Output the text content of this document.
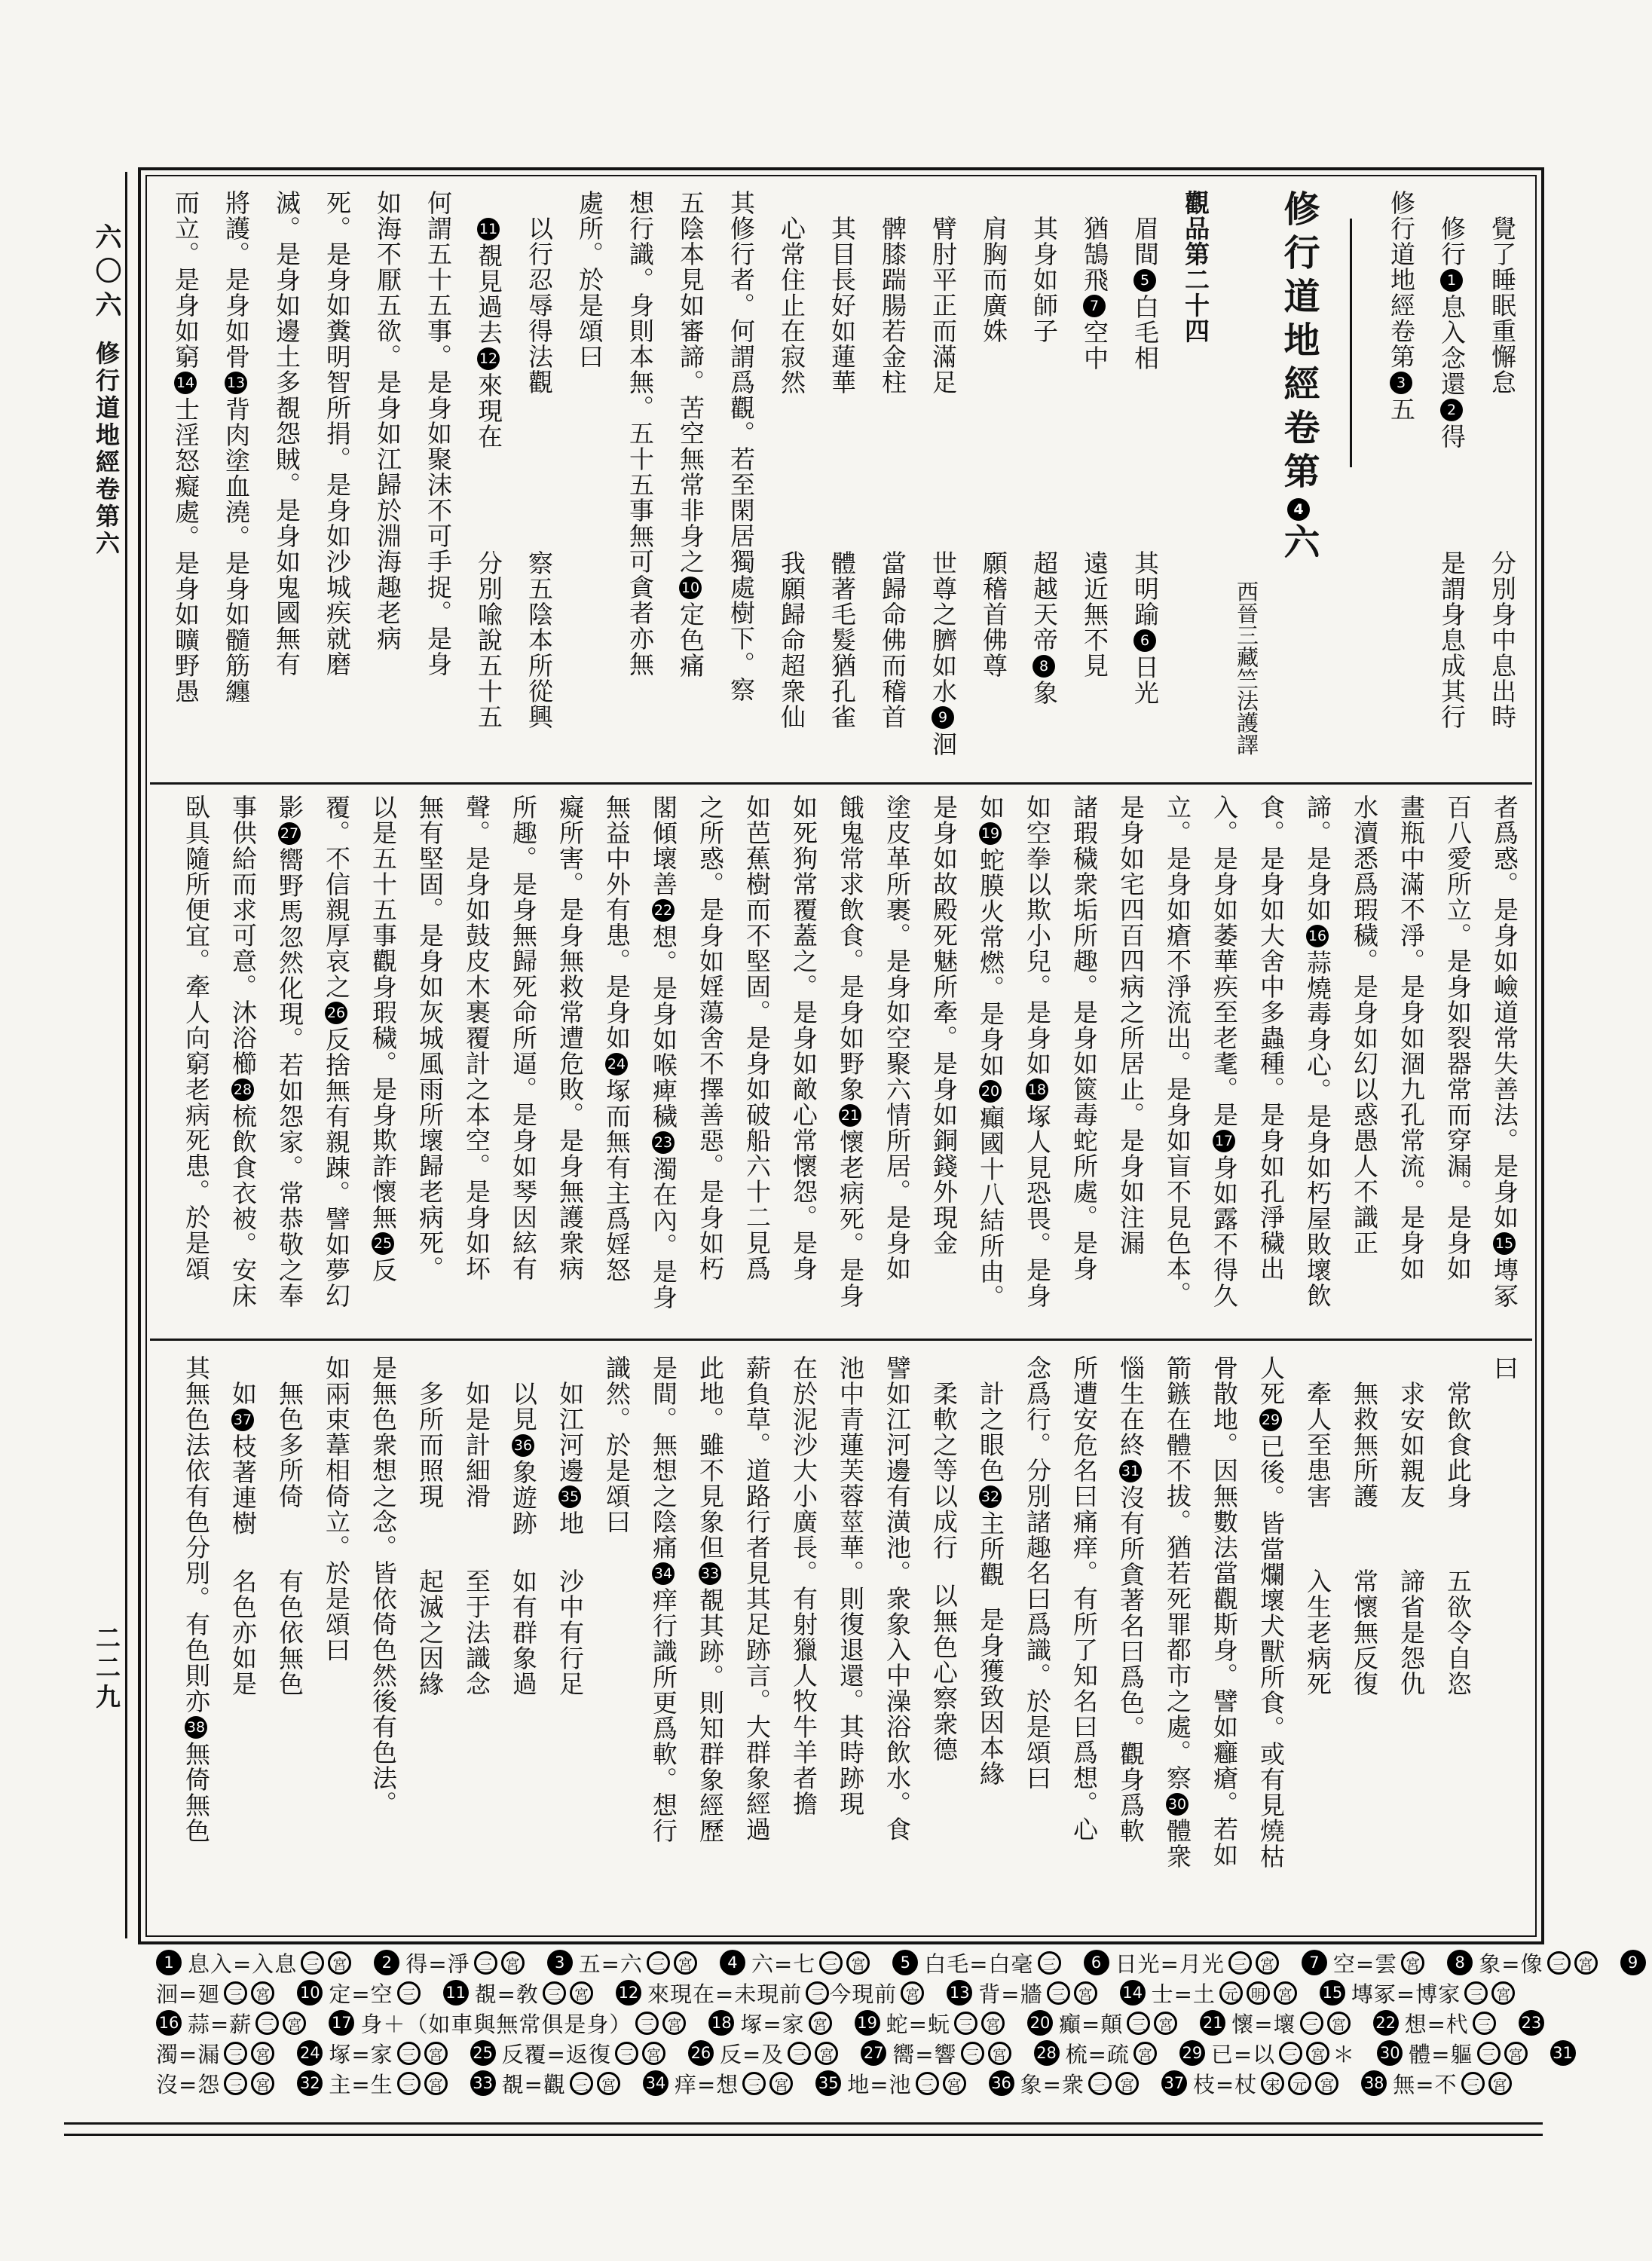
六〇六
修行道地經卷第六
二二九
覺了睡眠重懈怠
分別身中息出時
修行1息入念還2得
是謂身息成其行
修行道地經卷第3五
修行道地經卷第4六
西晉三藏竺法護譯
觀品第二十四
眉間5白毛相
其明踰6日光
猶鵠飛7空中
遠近無不見
其身如師子
超越天帝8象
肩胸而廣姝
願稽首佛尊
臂肘平正而滿足
世尊之臍如水9洄
髀膝踹腸若金柱
當歸命佛而稽首
其目長好如蓮華
體著毛髮猶孔雀
心常住止在寂然
我願歸命超衆仙
其修行者。何謂爲觀。若至閑居獨處樹下。察
五陰本見如審諦。苦空無常非身之10定色痛
想行識。身則本無。五十五事無可貪者亦無
處所。於是頌曰
以行忍辱得法觀
察五陰本所從興
11覩見過去12來現在
分別喩說五十五
何謂五十五事。是身如聚沫不可手捉。是身
如海不厭五欲。是身如江歸於淵海趣老病
死。是身如糞明智所捐。是身如沙城疾就磨
滅。是身如邊土多覩怨賊。是身如鬼國無有
將護。是身如骨13背肉塗血澆。是身如髓筋纏
而立。是身如窮14士淫怒癡處。是身如曠野愚
者爲惑。是身如嶮道常失善法。是身如15塼冢
百八愛所立。是身如裂器常而穿漏。是身如
畫瓶中滿不淨。是身如涸九孔常流。是身如
水瀆悉爲瑕穢。是身如幻以惑愚人不識正
諦。是身如16蒜燒毒身心。是身如朽屋敗壞飲
食。是身如大舍中多蟲種。是身如孔淨穢出
入。是身如萎華疾至老耄。是17身如露不得久
立。是身如瘡不淨流出。是身如盲不見色本。
是身如宅四百四病之所居止。是身如注漏
諸瑕穢衆垢所趣。是身如篋毒蛇所處。是身
如空拳以欺小兒。是身如18塚人見恐畏。是身
如19蛇膜火常燃。是身如20癲國十八結所由。
是身如故殿死魅所牽。是身如銅錢外現金
塗皮革所裹。是身如空聚六情所居。是身如
餓鬼常求飲食。是身如野象21懷老病死。是身
如死狗常覆蓋之。是身如敵心常懷怨。是身
如芭蕉樹而不堅固。是身如破船六十二見爲
之所惑。是身如婬蕩舍不擇善惡。是身如朽
閣傾壞善22想。是身如喉痺穢23濁在內。是身
無益中外有患。是身如24塚而無有主爲婬怒
癡所害。是身無救常遭危敗。是身無護衆病
所趣。是身無歸死命所逼。是身如琴因絃有
聲。是身如鼓皮木裹覆計之本空。是身如坏
無有堅固。是身如灰城風雨所壞歸老病死。
以是五十五事觀身瑕穢。是身欺詐懷無25反
覆。不信親厚哀之26反捨無有親踈。譬如夢幻
影27嚮野馬忽然化現。若如怨家。常恭敬之奉
事供給而求可意。沐浴櫛28梳飲食衣被。安床
臥具隨所便宜。牽人向窮老病死患。於是頌
曰
常飲食此身
五欲令自恣
求安如親友
諦省是怨仇
無救無所護
常懷無反復
牽人至患害
入生老病死
人死29已後。皆當爛壞犬獸所食。或有見燒枯
骨散地。因無數法當觀斯身。譬如癰瘡。若如
箭鏃在體不拔。猶若死罪都市之處。察30體衆
惱生在終31沒有所貪著名曰爲色。觀身爲軟
所遭安危名曰痛痒。有所了知名曰爲想。心
念爲行。分別諸趣名曰爲識。於是頌曰
計之眼色32主所觀
是身獲致因本緣
柔軟之等以成行
以無色心察衆德
譬如江河邊有潢池。衆象入中澡浴飲水。食
池中青蓮芙蓉莖華。則復退還。其時跡現
在於泥沙大小廣長。有射獵人牧牛羊者擔
薪負草。道路行者見其足跡言。大群象經過
此地。雖不見象但33覩其跡。則知群象經歷
是間。無想之陰痛34痒行識所更爲軟。想行
識然。於是頌曰
如江河邊35地
沙中有行足
以見36象遊跡
如有群象過
如是計細滑
至于法識念
多所而照現
起滅之因緣
是無色衆想之念。皆依倚色然後有色法。
如兩束葦相倚立。於是頌曰
無色多所倚
有色依無色
如37枝著連樹
名色亦如是
其無色法依有色分別。有色則亦38無倚無色
1 息入=入息 三 宮	2 得=淨 三 宮	3 五=六 三 宮	4 六=七 三 宮	5 白毛=白毫 三	6 日光=月光 三 宮	7 空=雲 宮	8 象=像 三 宮	9
洄=廻 三 宮 10 定=空 三 11 覩=敎 三 宮 12 來現在=未現前 三 今現前 宮 13 背=牆 三 宮 14 士=土 元 明 宮 15 塼冢=博家 三 宮
16 蒜=薪 三 宮 17 身＋（如車與無常俱是身） 三 宮 18 塚=家 宮 19 蛇=蚖 三 宮 20 癲=顛 三 宮 21 懷=壞 三 宮 22 想=杙 三 23
濁=漏 三 宮 24 塚=家 三 宮 25 反覆=返復 三 宮 26 反=及 三 宮 27 嚮=響 三 宮 28 梳=疏 宮 29 已=以 三 宮 ＊ 30 體=軀 三 宮 31
沒=怨 三 宮 32 主=生 三 宮 33 覩=觀 三 宮 34 痒=想 三 宮 35 地=池 三 宮 36 象=衆 三 宮 37 枝=杖 宋 元 宮 38 無=不 三 宮
